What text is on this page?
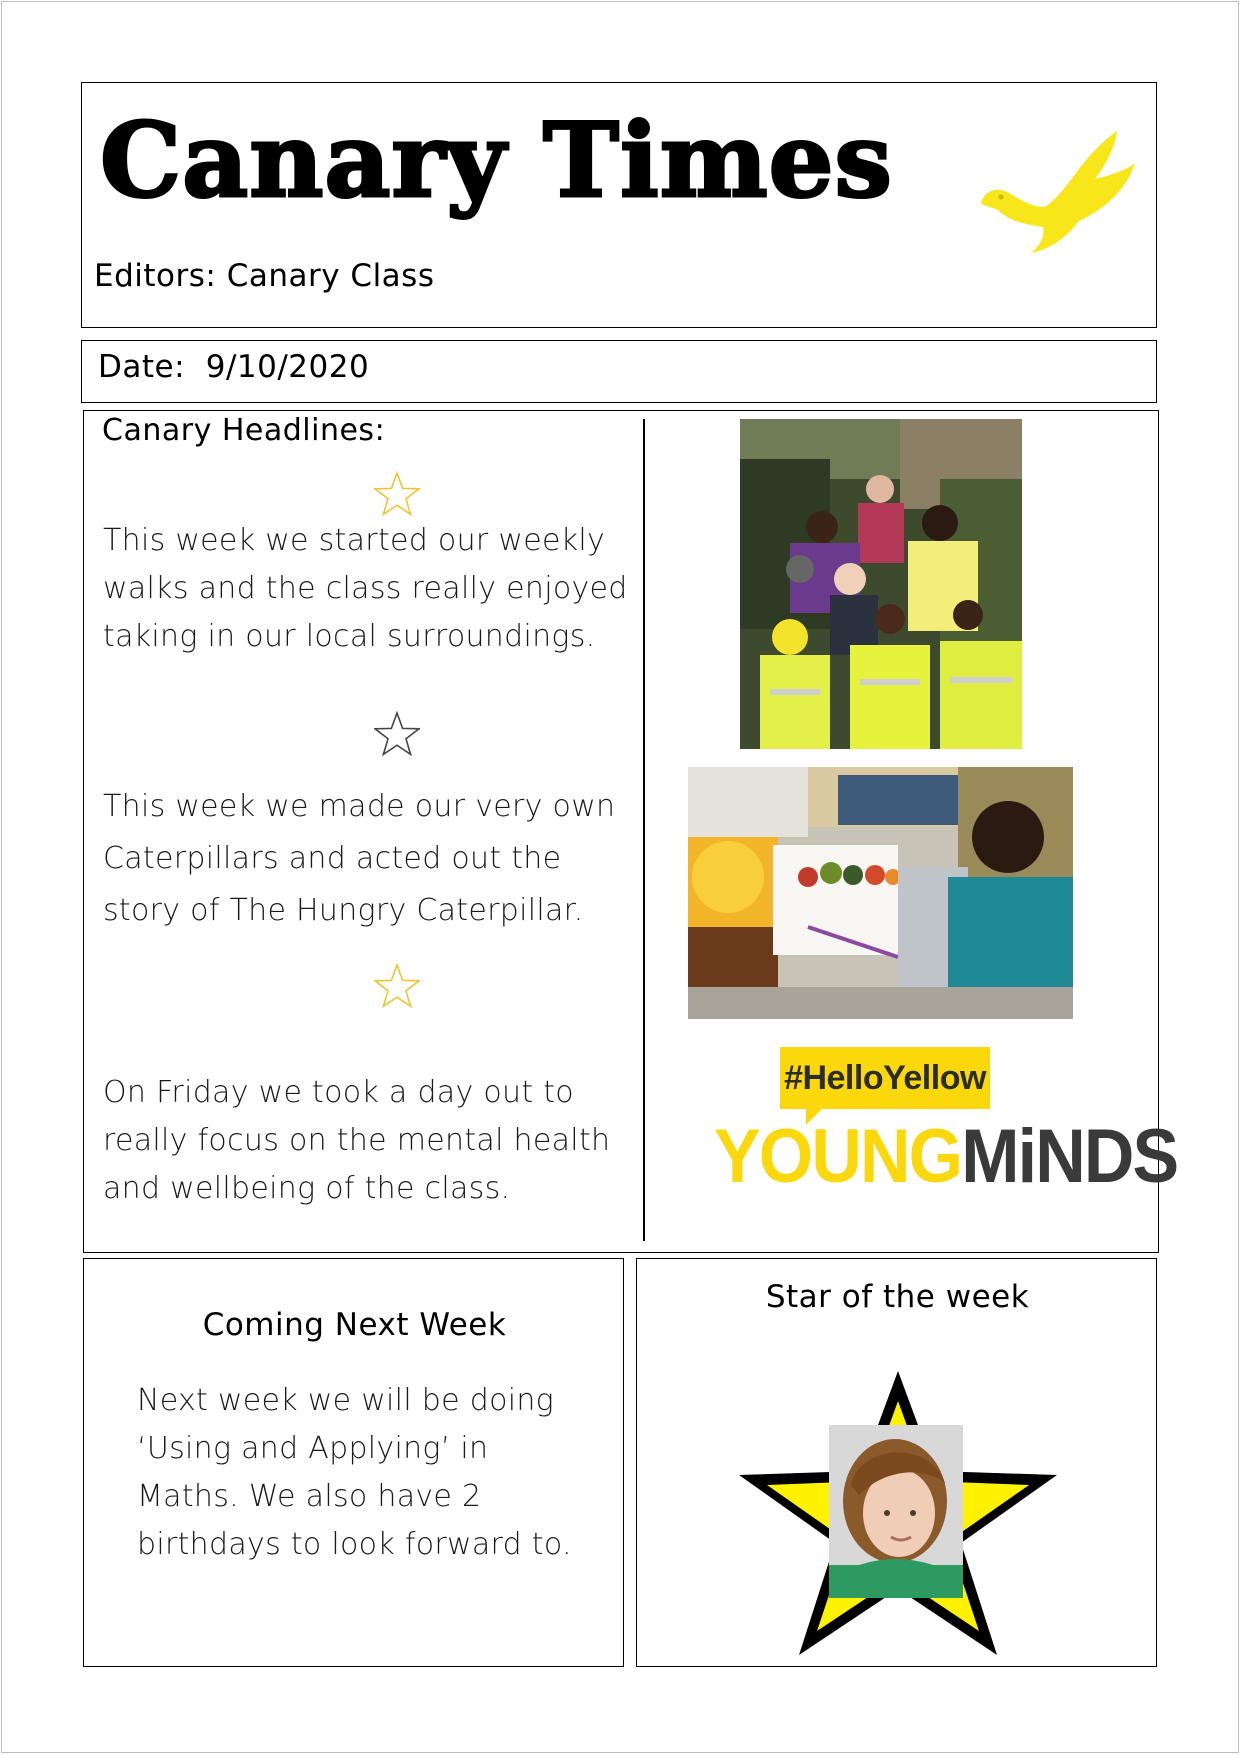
Canary Times
Editors: Canary Class
Date:  9/10/2020
Canary Headlines:
This week we started our weekly walks and the class really enjoyed taking in our local surroundings.
This week we made our very own Caterpillars and acted out the story of The Hungry Caterpillar.
On Friday we took a day out to really focus on the mental health and wellbeing of the class.
#HelloYellow
YOUNGMiNDS
Coming Next Week
Next week we will be doing ‘Using and Applying’ in Maths. We also have 2 birthdays to look forward to.
Star of the week
